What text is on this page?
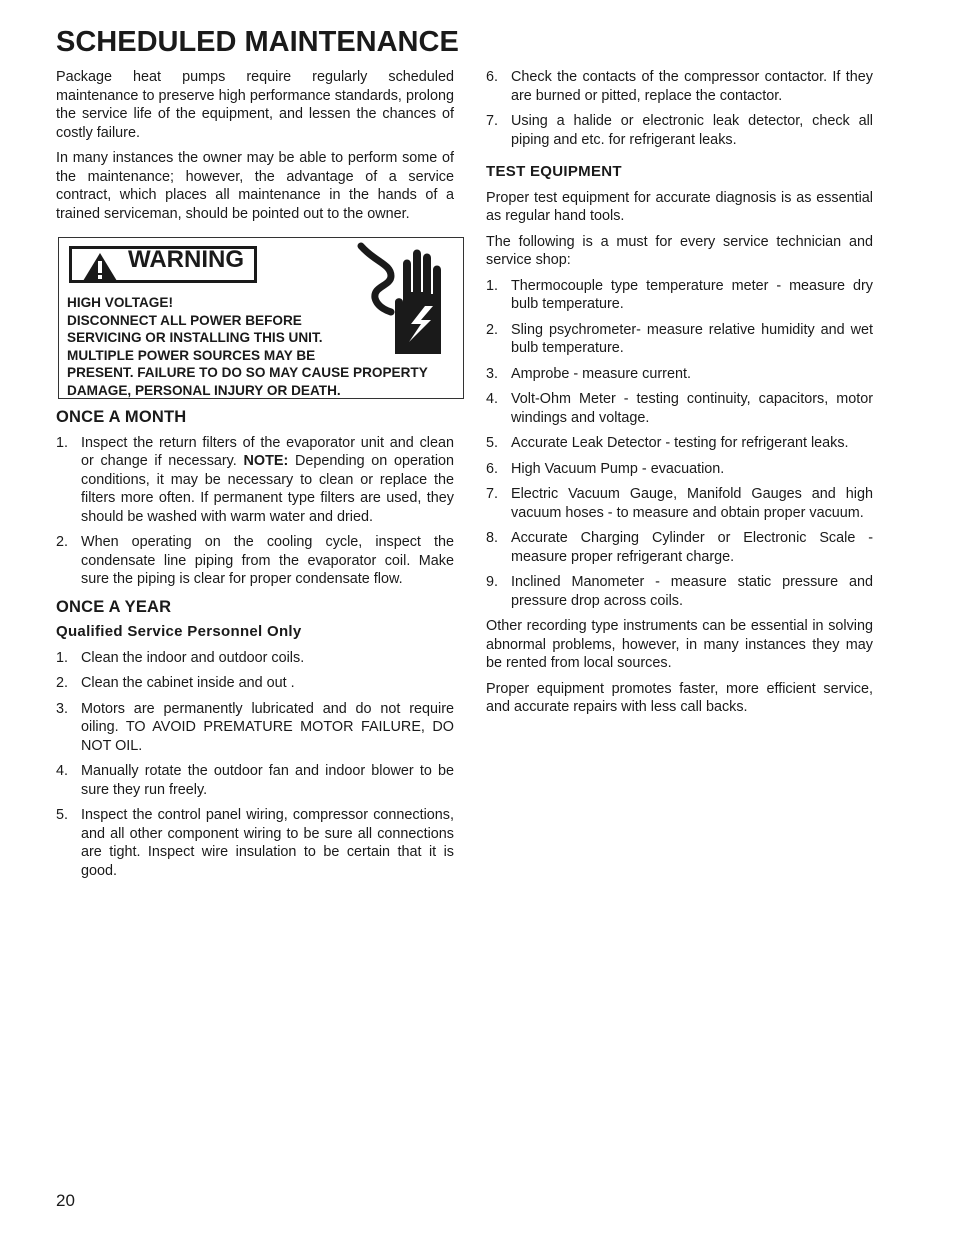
SCHEDULED MAINTENANCE

Package heat pumps require regularly scheduled maintenance to preserve high performance standards, prolong the service life of the equipment, and lessen the chances of costly failure.

In many instances the owner may be able to perform some of the maintenance; however, the advantage of a service contract, which places all maintenance in the hands of a trained serviceman, should be pointed out to the owner.

WARNING
HIGH VOLTAGE!
DISCONNECT ALL POWER BEFORE
SERVICING OR INSTALLING THIS UNIT.
MULTIPLE POWER SOURCES MAY BE
PRESENT. FAILURE TO DO SO MAY CAUSE PROPERTY
DAMAGE, PERSONAL INJURY OR DEATH.
ONCE A MONTH
1. Inspect the return filters of the evaporator unit and clean or change if necessary. NOTE: Depending on operation conditions, it may be necessary to clean or replace the filters more often. If permanent type filters are used, they should be washed with warm water and dried.
2. When operating on the cooling cycle, inspect the condensate line piping from the evaporator coil. Make sure the piping is clear for proper condensate flow.
ONCE A YEAR
Qualified Service Personnel Only
1. Clean the indoor and outdoor coils.
2. Clean the cabinet inside and out .
3. Motors are permanently lubricated and do not require oiling. TO AVOID PREMATURE MOTOR FAILURE, DO NOT OIL.
4. Manually rotate the outdoor fan and indoor blower to be sure they run freely.
5. Inspect the control panel wiring, compressor connections, and all other component wiring to be sure all connections are tight. Inspect wire insulation to be certain that it is good.
6. Check the contacts of the compressor contactor. If they are burned or pitted, replace the contactor.
7. Using a halide or electronic leak detector, check all piping and etc. for refrigerant leaks.
TEST EQUIPMENT

Proper test equipment for accurate diagnosis is as essential as regular hand tools.

The following is a must for every service technician and service shop:

1. Thermocouple type temperature meter - measure dry bulb temperature.
2. Sling psychrometer- measure relative humidity and wet bulb temperature.
3. Amprobe - measure current.
4. Volt-Ohm Meter - testing continuity, capacitors, motor windings and voltage.
5. Accurate Leak Detector - testing for refrigerant leaks.
6. High Vacuum Pump - evacuation.
7. Electric Vacuum Gauge, Manifold Gauges and high vacuum hoses - to measure and obtain proper vacuum.
8. Accurate Charging Cylinder or Electronic Scale - measure proper refrigerant charge.
9. Inclined Manometer - measure static pressure and pressure drop across coils.

Other recording type instruments can be essential in solving abnormal problems, however, in many instances they may be rented from local sources.

Proper equipment promotes faster, more efficient service, and accurate repairs with less call backs.

20
